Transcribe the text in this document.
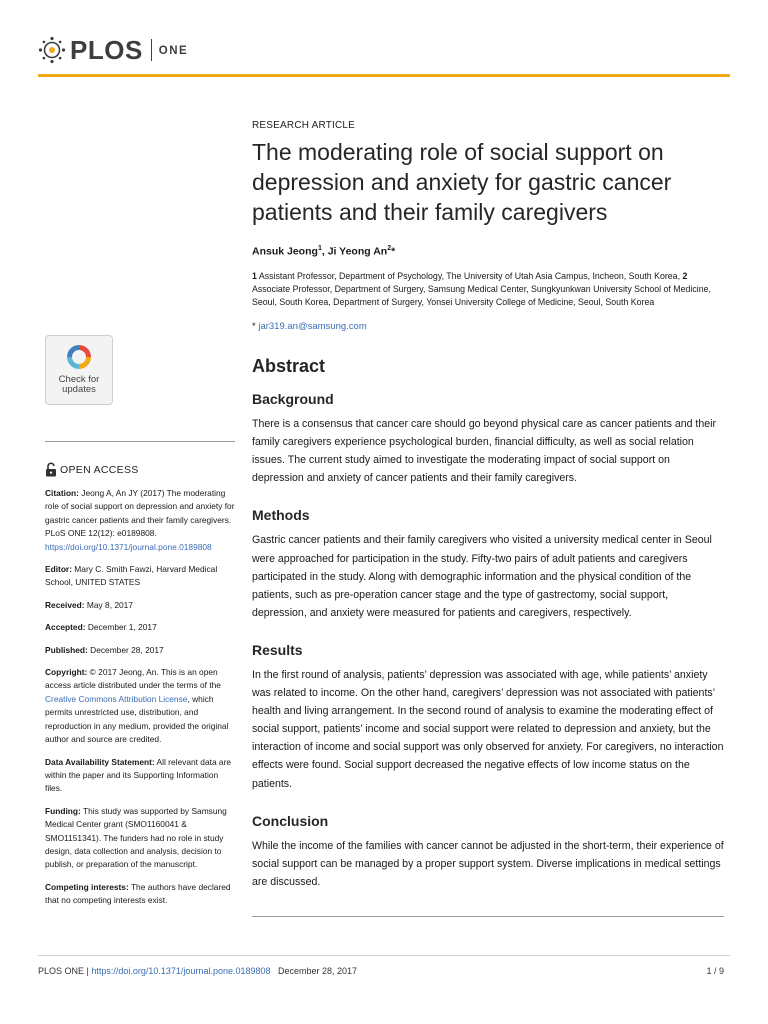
PLOS ONE
RESEARCH ARTICLE
The moderating role of social support on depression and anxiety for gastric cancer patients and their family caregivers
Ansuk Jeong$^1$, Ji Yeong An$^2$*
1 Assistant Professor, Department of Psychology, The University of Utah Asia Campus, Incheon, South Korea, 2 Associate Professor, Department of Surgery, Samsung Medical Center, Sungkyunkwan University School of Medicine, Seoul, South Korea, Department of Surgery, Yonsei University College of Medicine, Seoul, South Korea
* jar319.an@samsung.com
Abstract
Background

There is a consensus that cancer care should go beyond physical care as cancer patients and their family caregivers experience psychological burden, financial difficulty, as well as social relation issues. The current study aimed to investigate the moderating impact of social support on depression and anxiety of cancer patients and their family caregivers.

Methods

Gastric cancer patients and their family caregivers who visited a university medical center in Seoul were approached for participation in the study. Fifty-two pairs of adult patients and caregivers participated in the study. Along with demographic information and the physical condition of the patients, such as pre-operation cancer stage and the type of gastrectomy, social support, depression, and anxiety were measured for patients and caregivers, respectively.

Results

In the first round of analysis, patients’ depression was associated with age, while patients’ anxiety was related to income. On the other hand, caregivers’ depression was not associated with patients’ health and living arrangement. In the second round of analysis to examine the moderating effect of social support, patients’ income and social support were related to depression and anxiety, but the interaction of income and social support was only observed for anxiety. For caregivers, no interaction effects were found. Social support decreased the negative effects of low income status on the patients.

Conclusion

While the income of the families with cancer cannot be adjusted in the short-term, their experience of social support can be managed by a proper support system. Diverse implications in medical settings are discussed.

Check for
updates
OPEN ACCESS

Citation: Jeong A, An JY (2017) The moderating role of social support on depression and anxiety for gastric cancer patients and their family caregivers. PLoS ONE 12(12): e0189808. https://doi.org/10.1371/journal.pone.0189808

Editor: Mary C. Smith Fawzi, Harvard Medical School, UNITED STATES

Received: May 8, 2017

Accepted: December 1, 2017

Published: December 28, 2017

Copyright: © 2017 Jeong, An. This is an open access article distributed under the terms of the Creative Commons Attribution License, which permits unrestricted use, distribution, and reproduction in any medium, provided the original author and source are credited.

Data Availability Statement: All relevant data are within the paper and its Supporting Information files.

Funding: This study was supported by Samsung Medical Center grant (SMO1160041 & SMO1151341). The funders had no role in study design, data collection and analysis, decision to publish, or preparation of the manuscript.

Competing interests: The authors have declared that no competing interests exist.

PLOS ONE | https://doi.org/10.1371/journal.pone.0189808   December 28, 2017	1 / 9
